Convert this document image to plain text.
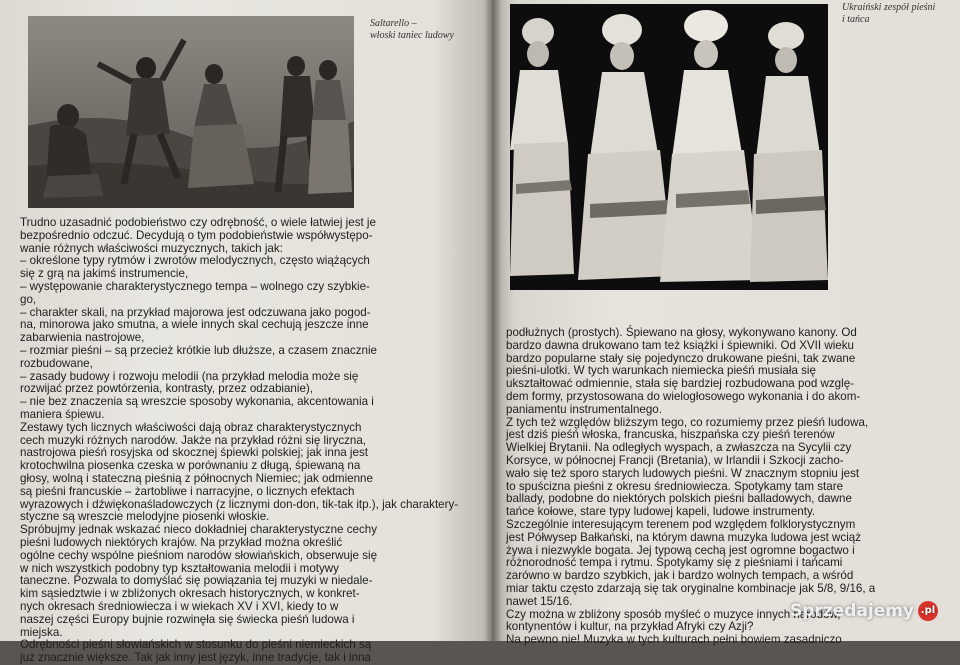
Saltarello –
włoski taniec ludowy
Trudno uzasadnić podobieństwo czy odrębność, o wiele łatwiej jest je
bezpośrednio odczuć. Decydują o tym podobieństwie współwystępo-
wanie różnych właściwości muzycznych, takich jak:
– określone typy rytmów i zwrotów melodycznych, często wiążących
się z grą na jakimś instrumencie,
– występowanie charakterystycznego tempa – wolnego czy szybkie-
go,
– charakter skali, na przykład majorowa jest odczuwana jako pogod-
na, minorowa jako smutna, a wiele innych skal cechują jeszcze inne
zabarwienia nastrojowe,
– rozmiar pieśni – są przecież krótkie lub dłuższe, a czasem znacznie
rozbudowane,
– zasady budowy i rozwoju melodii (na przykład melodia może się
rozwijać przez powtórzenia, kontrasty, przez odzabianie),
– nie bez znaczenia są wreszcie sposoby wykonania, akcentowania i
maniera śpiewu.
Zestawy tych licznych właściwości dają obraz charakterystycznych
cech muzyki różnych narodów. Jakże na przykład różni się liryczna,
nastrojowa pieśń rosyjska od skocznej śpiewki polskiej; jak inna jest
krotochwilna piosenka czeska w porównaniu z długą, śpiewaną na
głosy, wolną i stateczną pieśnią z północnych Niemiec; jak odmienne
są pieśni francuskie – żartobliwe i narracyjne, o licznych efektach
wyrazowych i dźwiękonaśladowczych (z licznymi don-don, tik-tak itp.), jak charaktery-
styczne są wreszcie melodyjne piosenki włoskie.
Spróbujmy jednak wskazać nieco dokładniej charakterystyczne cechy
pieśni ludowych niektórych krajów. Na przykład można określić
ogólne cechy wspólne pieśniom narodów słowiańskich, obserwuje się
w nich wszystkich podobny typ kształtowania melodii i motywy
taneczne. Pozwala to domyślać się powiązania tej muzyki w niedale-
kim sąsiedztwie i w zbliżonych okresach historycznych, w konkret-
nych okresach średniowiecza i w wiekach XV i XVI, kiedy to w
naszej części Europy bujnie rozwinęła się świecka pieśń ludowa i
miejska.
Odrębności pieśni słowiańskich w stosunku do pieśni niemieckich są
już znacznie większe. Tak jak inny jest język, inne tradycje, tak i inna
Ukraiński zespół pieśni
i tańca
podłużnych (prostych). Śpiewano na głosy, wykonywano kanony. Od
bardzo dawna drukowano tam też książki i śpiewniki. Od XVII wieku
bardzo popularne stały się pojedynczo drukowane pieśni, tak zwane
pieśni-ulotki. W tych warunkach niemiecka pieśń musiała się
ukształtować odmiennie, stała się bardziej rozbudowana pod wzglę-
dem formy, przystosowana do wielogłosowego wykonania i do akom-
paniamentu instrumentalnego.
Z tych też względów bliższym tego, co rozumiemy przez pieśń ludowa,
jest dziś pieśń włoska, francuska, hiszpańska czy pieśń terenów
Wielkiej Brytanii. Na odległych wyspach, a zwłaszcza na Sycylii czy
Korsyce, w północnej Francji (Bretania), w Irlandii i Szkocji zacho-
wało się też sporo starych ludowych pieśni. W znacznym stopniu jest
to spuścizna pieśni z okresu średniowiecza. Spotykamy tam stare
ballady, podobne do niektórych polskich pieśni balladowych, dawne
tańce kołowe, stare typy ludowej kapeli, ludowe instrumenty.
Szczególnie interesującym terenem pod względem folklorystycznym
jest Półwysep Bałkański, na którym dawna muzyka ludowa jest wciąż
żywa i niezwykle bogata. Jej typową cechą jest ogromne bogactwo i
różnorodność tempa i rytmu. Spotykamy się z pieśniami i tańcami
zarówno w bardzo szybkich, jak i bardzo wolnych tempach, a wśród
miar taktu często zdarzają się tak oryginalne kombinacje jak 5/8, 9/16, a
nawet 15/16.
Czy można w zbliżony sposób myśleć o muzyce innych narodów,
kontynentów i kultur, na przykład Afryki czy Azji?
Na pewno nie! Muzyka w tych kulturach pełni bowiem zasadniczo
Sprzedajemy .pl
